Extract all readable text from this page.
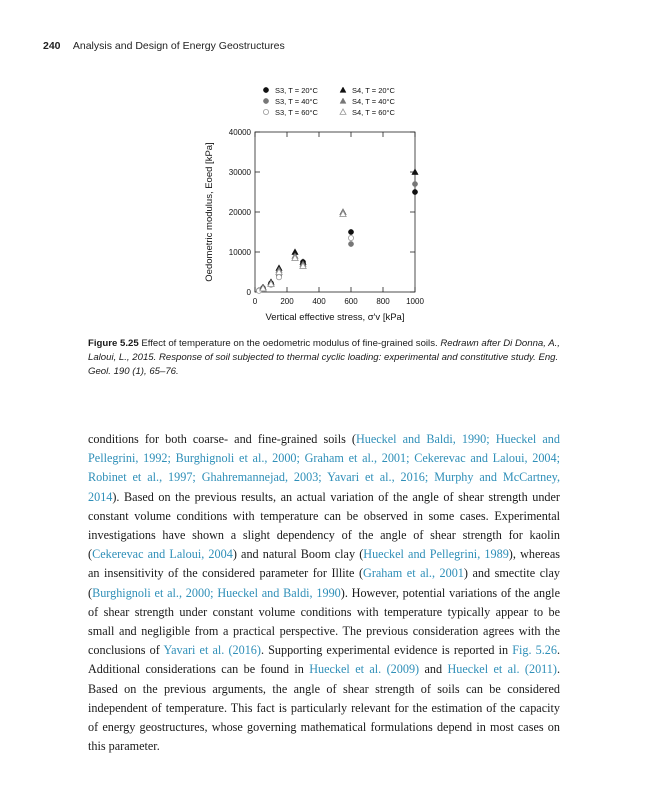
240 Analysis and Design of Energy Geostructures
S3, T = 20°C
S3, T = 40°C
S3, T = 60°C
S4, T = 20°C
S4, T = 40°C
S4, T = 60°C
0	200 400 600 800 1000
0
10000
20000
30000
40000
Vertical effective stress, σ'v [kPa]
Oedometric modulus, Eoed [kPa]
Figure 5.25 Effect of temperature on the oedometric modulus of fine-grained soils. Redrawn after Di Donna, A., Laloui, L., 2015. Response of soil subjected to thermal cyclic loading: experimental and constitutive study. Eng. Geol. 190 (1), 65–76.
conditions for both coarse- and fine-grained soils (Hueckel and Baldi, 1990; Hueckel and Pellegrini, 1992; Burghignoli et al., 2000; Graham et al., 2001; Cekerevac and Laloui, 2004; Robinet et al., 1997; Ghahremannejad, 2003; Yavari et al., 2016; Murphy and McCartney, 2014). Based on the previous results, an actual variation of the angle of shear strength under constant volume conditions with temperature can be observed in some cases. Experimental investigations have shown a slight dependency of the angle of shear strength for kaolin (Cekerevac and Laloui, 2004) and natural Boom clay (Hueckel and Pellegrini, 1989), whereas an insensitivity of the considered parameter for Illite (Graham et al., 2001) and smectite clay (Burghignoli et al., 2000; Hueckel and Baldi, 1990). However, potential variations of the angle of shear strength under constant volume conditions with temperature typically appear to be small and negligible from a practical perspective. The previous consideration agrees with the conclusions of Yavari et al. (2016). Supporting experimental evidence is reported in Fig. 5.26. Additional considerations can be found in Hueckel et al. (2009) and Hueckel et al. (2011). Based on the previous arguments, the angle of shear strength of soils can be considered independent of temperature. This fact is particularly relevant for the estimation of the capacity of energy geostructures, whose governing mathematical formulations depend in most cases on this parameter.
